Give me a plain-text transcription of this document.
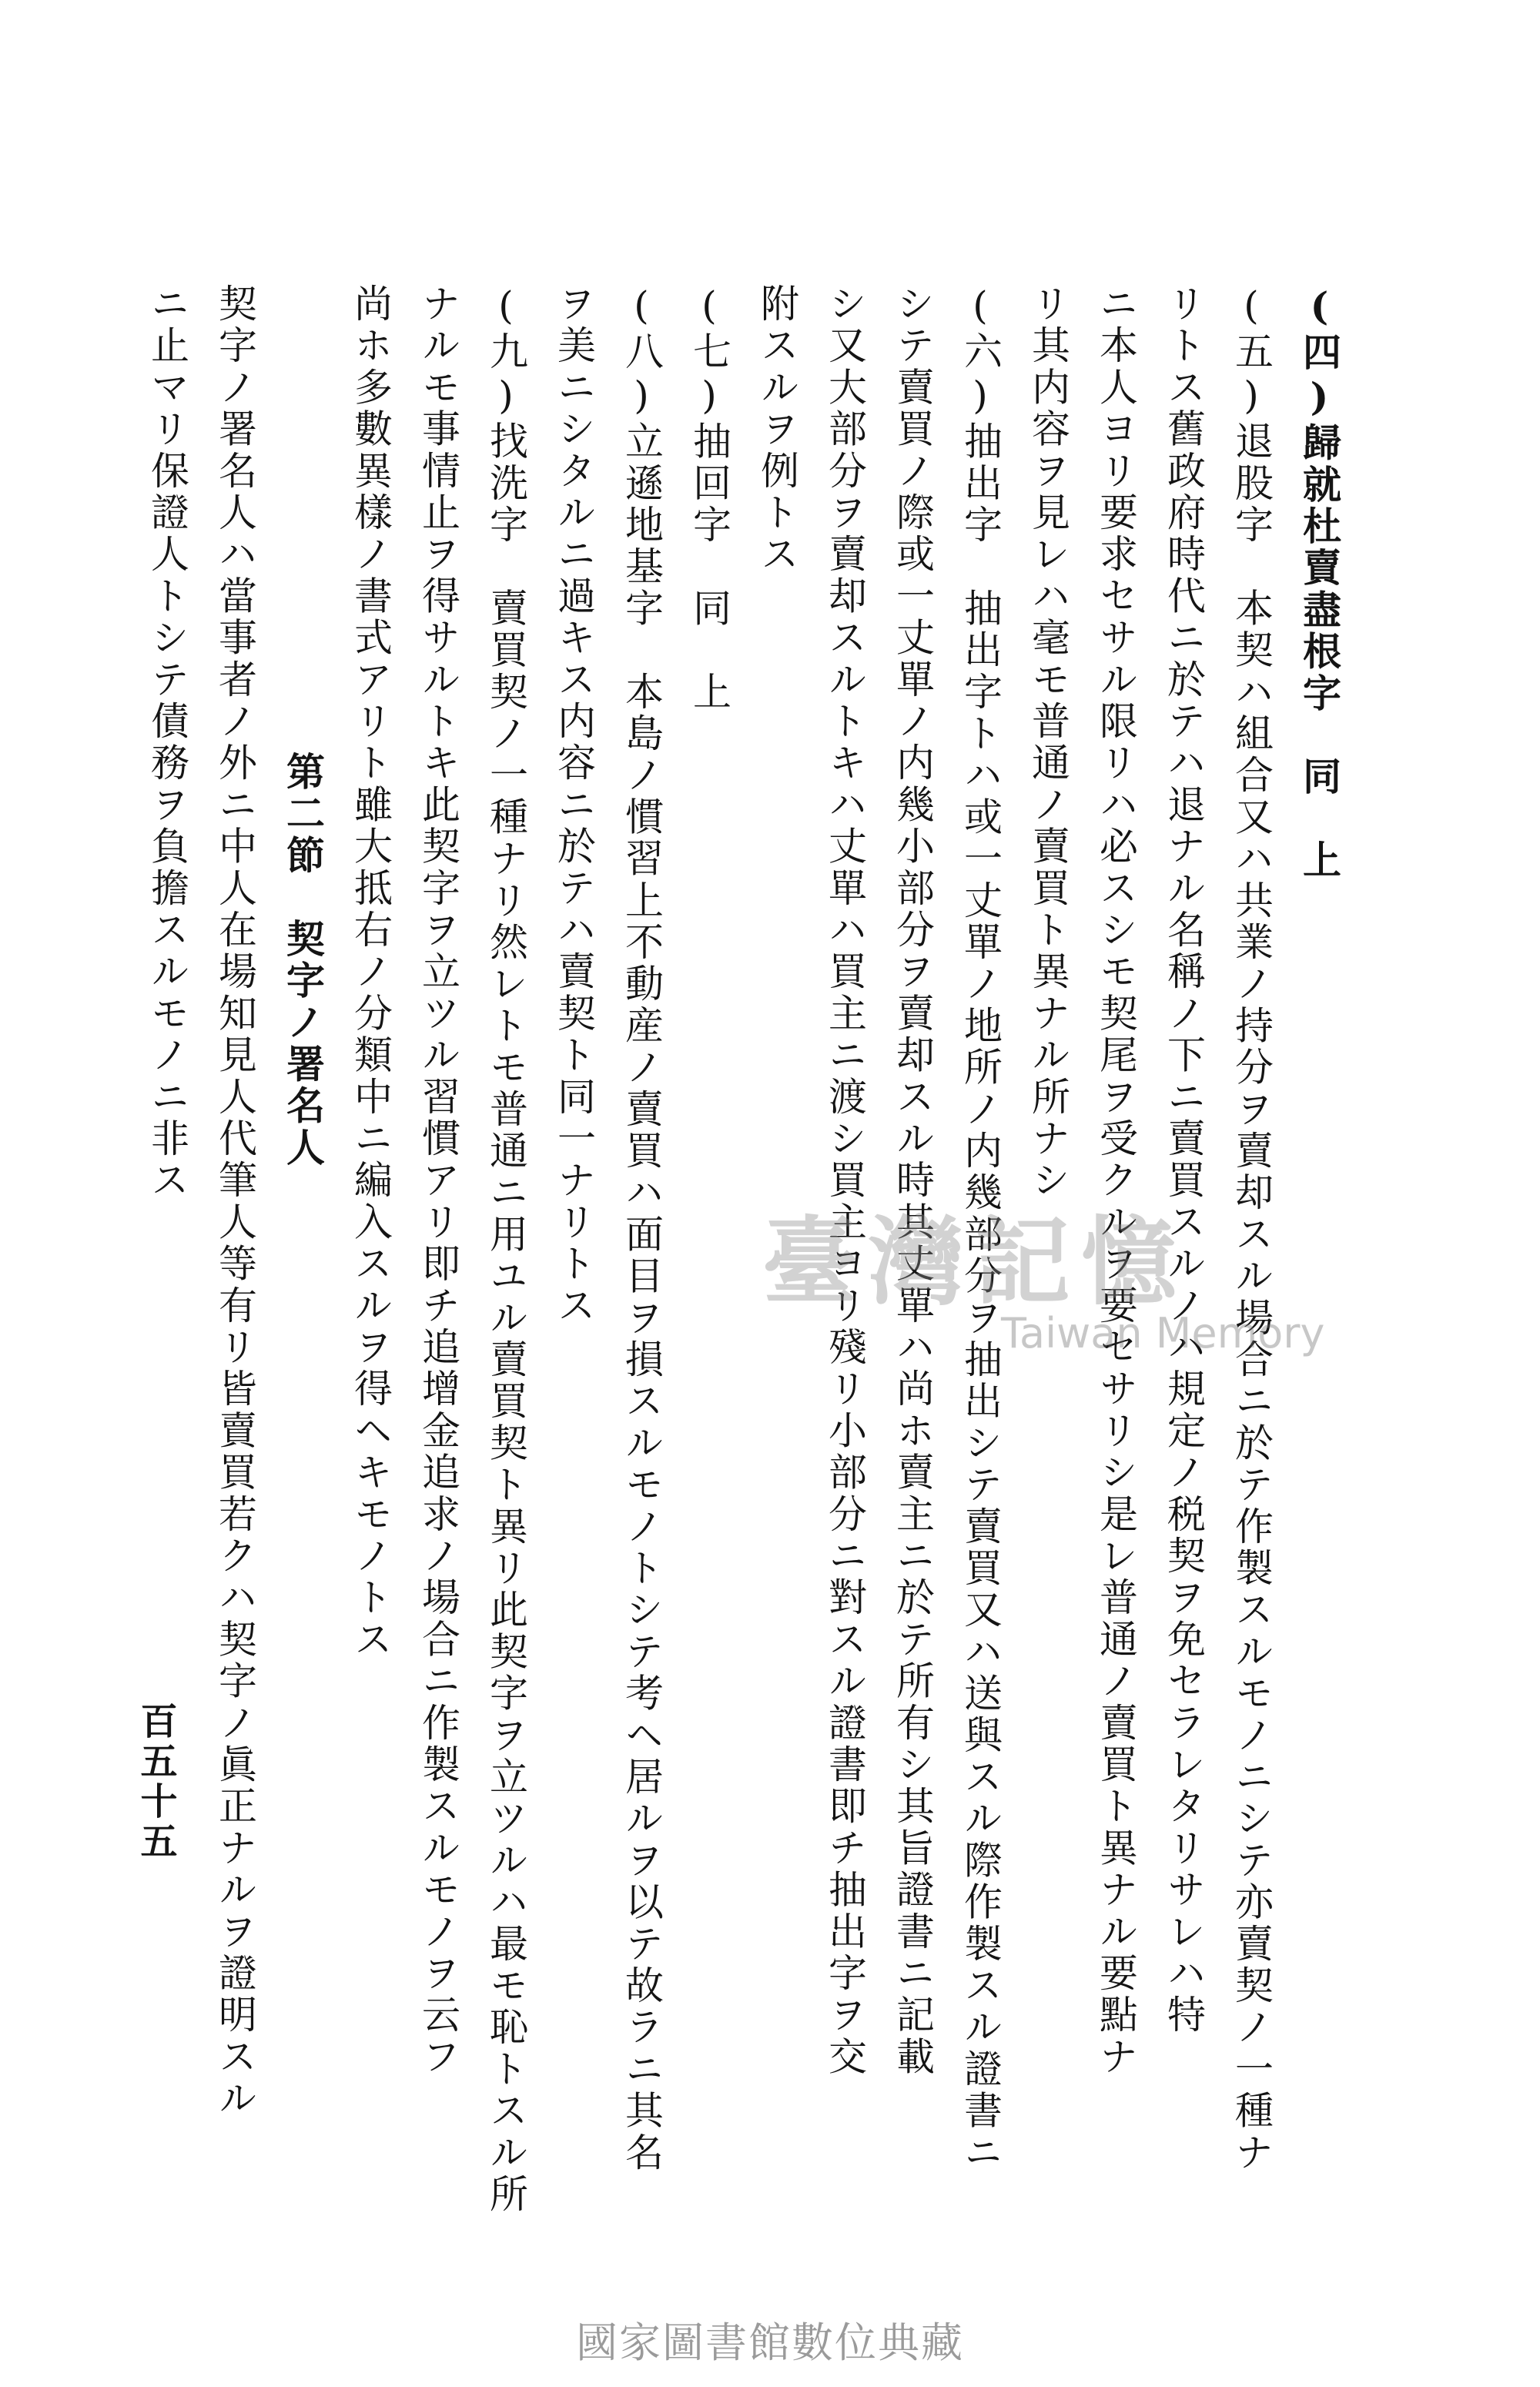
(四)歸就杜賣盡根字　同　上
(五)退股字　本契ハ組合又ハ共業ノ持分ヲ賣却スル場合ニ於テ作製スルモノニシテ亦賣契ノ一種ナ
リトス舊政府時代ニ於テハ退ナル名稱ノ下ニ賣買スルノハ規定ノ税契ヲ免セラレタリサレハ特
ニ本人ヨリ要求セサル限リハ必スシモ契尾ヲ受クルヲ要セサリシ是レ普通ノ賣買ト異ナル要點ナ
リ其内容ヲ見レハ毫モ普通ノ賣買ト異ナル所ナシ
(六)抽出字　抽出字トハ或一丈單ノ地所ノ内幾部分ヲ抽出シテ賣買又ハ送與スル際作製スル證書ニ
シテ賣買ノ際或一丈單ノ内幾小部分ヲ賣却スル時其丈單ハ尚ホ賣主ニ於テ所有シ其旨證書ニ記載
シ又大部分ヲ賣却スルトキハ丈單ハ買主ニ渡シ買主ヨリ殘リ小部分ニ對スル證書即チ抽出字ヲ交
附スルヲ例トス
(七)抽回字　同　上
(八)立遜地基字　本島ノ慣習上不動産ノ賣買ハ面目ヲ損スルモノトシテ考ヘ居ルヲ以テ故ラニ其名
ヲ美ニシタルニ過キス内容ニ於テハ賣契ト同一ナリトス
(九)找洗字　賣買契ノ一種ナリ然レトモ普通ニ用ユル賣買契ト異リ此契字ヲ立ツルハ最モ恥トスル所
ナルモ事情止ヲ得サルトキ此契字ヲ立ツル習慣アリ即チ追增金追求ノ場合ニ作製スルモノヲ云フ
尚ホ多數異樣ノ書式アリト雖大抵右ノ分類中ニ編入スルヲ得ヘキモノトス
第二節　契字ノ署名人
契字ノ署名人ハ當事者ノ外ニ中人在場知見人代筆人等有リ皆賣買若クハ契字ノ眞正ナルヲ證明スル
ニ止マリ保證人トシテ債務ヲ負擔スルモノニ非ス
百五十五
臺灣記憶
Taiwan Memory
國家圖書館數位典藏
